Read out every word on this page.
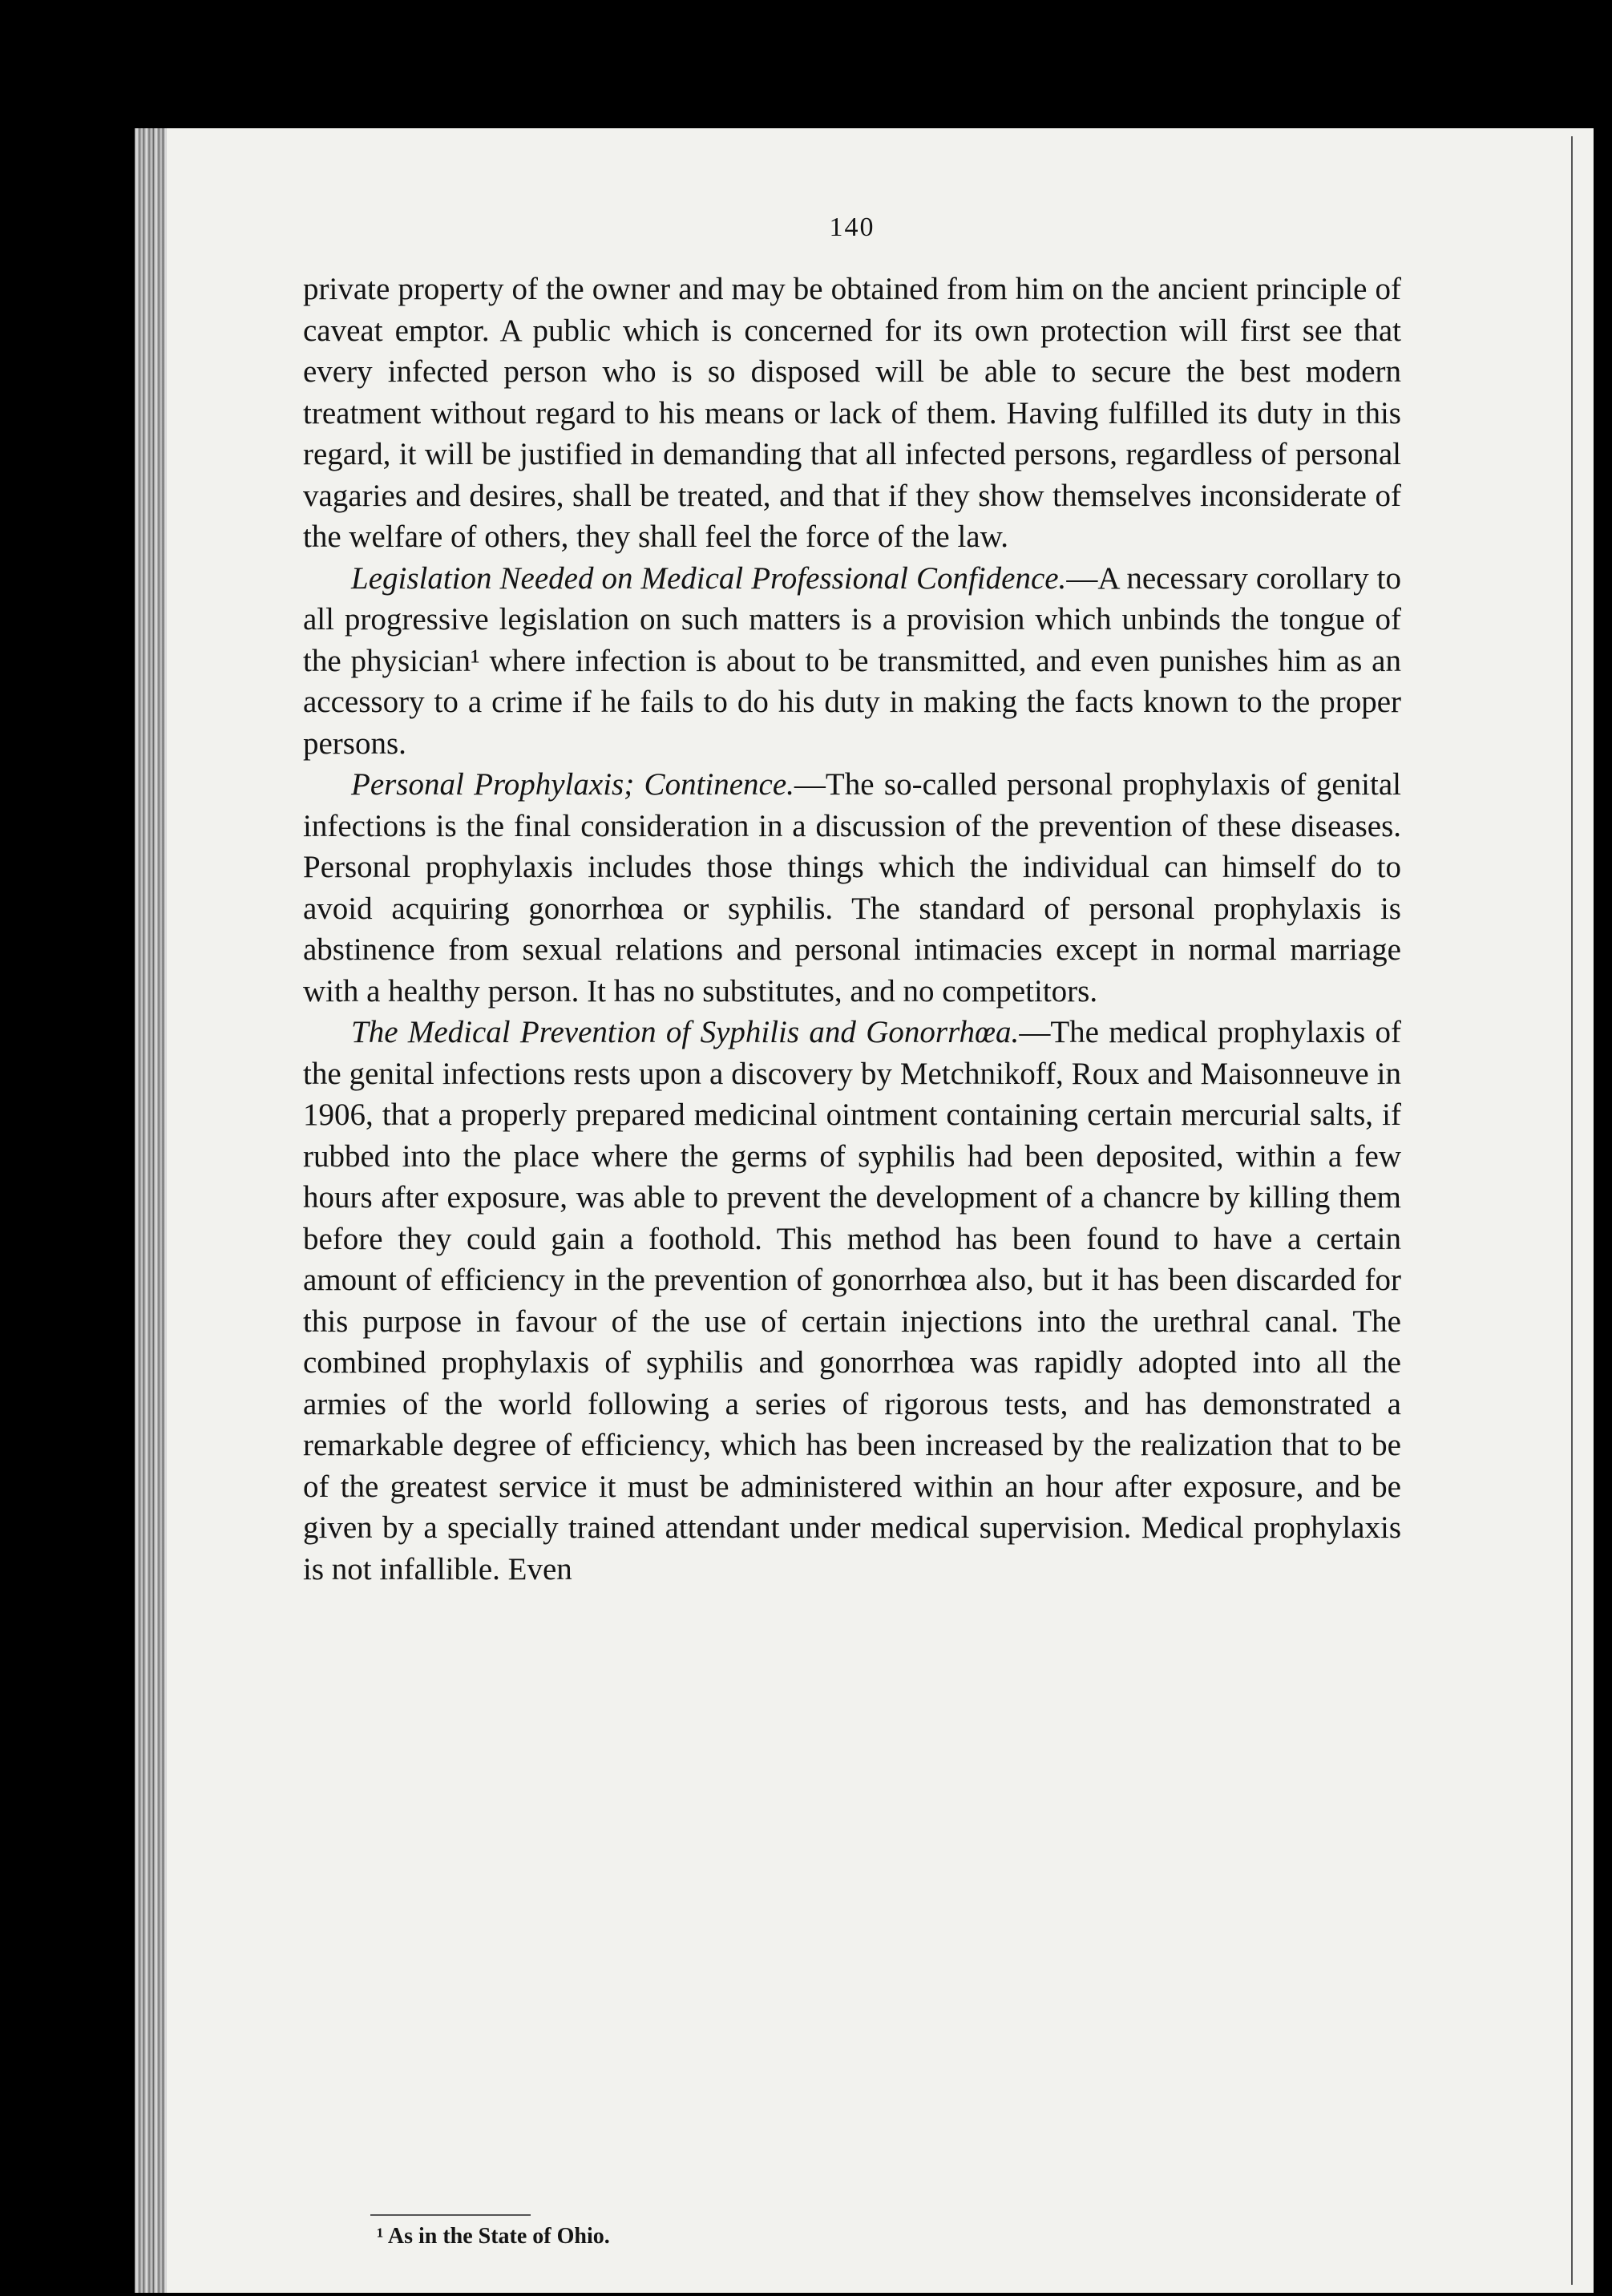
140

private property of the owner and may be obtained from him on the ancient principle of caveat emptor. A public which is concerned for its own protection will first see that every infected person who is so disposed will be able to secure the best modern treatment without regard to his means or lack of them. Having fulfilled its duty in this regard, it will be justified in demanding that all infected persons, regardless of personal vagaries and desires, shall be treated, and that if they show themselves inconsiderate of the welfare of others, they shall feel the force of the law.

Legislation Needed on Medical Professional Confidence.—A necessary corollary to all progressive legislation on such matters is a provision which unbinds the tongue of the physician¹ where infection is about to be transmitted, and even punishes him as an accessory to a crime if he fails to do his duty in making the facts known to the proper persons.

Personal Prophylaxis; Continence.—The so-called personal prophylaxis of genital infections is the final consideration in a discussion of the prevention of these diseases. Personal prophylaxis includes those things which the individual can himself do to avoid acquiring gonorrhœa or syphilis. The standard of personal prophylaxis is abstinence from sexual relations and personal intimacies except in normal marriage with a healthy person. It has no substitutes, and no competitors.

The Medical Prevention of Syphilis and Gonorrhœa.—The medical prophylaxis of the genital infections rests upon a discovery by Metchnikoff, Roux and Maisonneuve in 1906, that a properly prepared medicinal ointment containing certain mercurial salts, if rubbed into the place where the germs of syphilis had been deposited, within a few hours after exposure, was able to prevent the development of a chancre by killing them before they could gain a foothold. This method has been found to have a certain amount of efficiency in the prevention of gonorrhœa also, but it has been discarded for this purpose in favour of the use of certain injections into the urethral canal. The combined prophylaxis of syphilis and gonorrhœa was rapidly adopted into all the armies of the world following a series of rigorous tests, and has demonstrated a remarkable degree of efficiency, which has been increased by the realization that to be of the greatest service it must be administered within an hour after exposure, and be given by a specially trained attendant under medical supervision. Medical prophylaxis is not infallible. Even

¹ As in the State of Ohio.
